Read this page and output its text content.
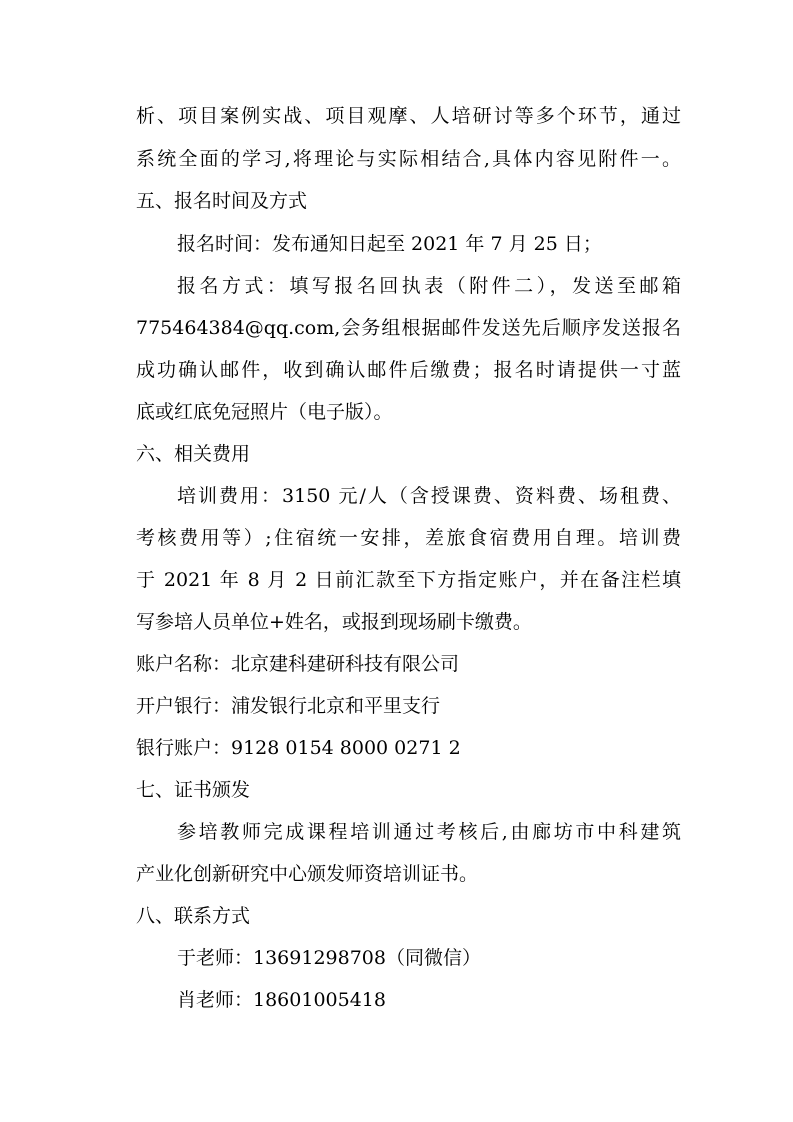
析、项目案例实战、项目观摩、人培研讨等多个环节，通过
系统全面的学习,将理论与实际相结合,具体内容见附件一。
五、报名时间及方式
报名时间：发布通知日起至 2021 年 7 月 25 日；
报名方式：填写报名回执表（附件二），发送至邮箱
775464384@qq.com,会务组根据邮件发送先后顺序发送报名
成功确认邮件，收到确认邮件后缴费；报名时请提供一寸蓝
底或红底免冠照片（电子版）。
六、相关费用
培训费用：3150 元/人（含授课费、资料费、场租费、
考核费用等）;住宿统一安排，差旅食宿费用自理。培训费
于 2021 年 8 月 2 日前汇款至下方指定账户，并在备注栏填
写参培人员单位+姓名，或报到现场刷卡缴费。
账户名称：北京建科建研科技有限公司
开户银行：浦发银行北京和平里支行
银行账户：9128 0154 8000 0271 2
七、证书颁发
参培教师完成课程培训通过考核后,由廊坊市中科建筑
产业化创新研究中心颁发师资培训证书。
八、联系方式
于老师：13691298708（同微信）
肖老师：18601005418
